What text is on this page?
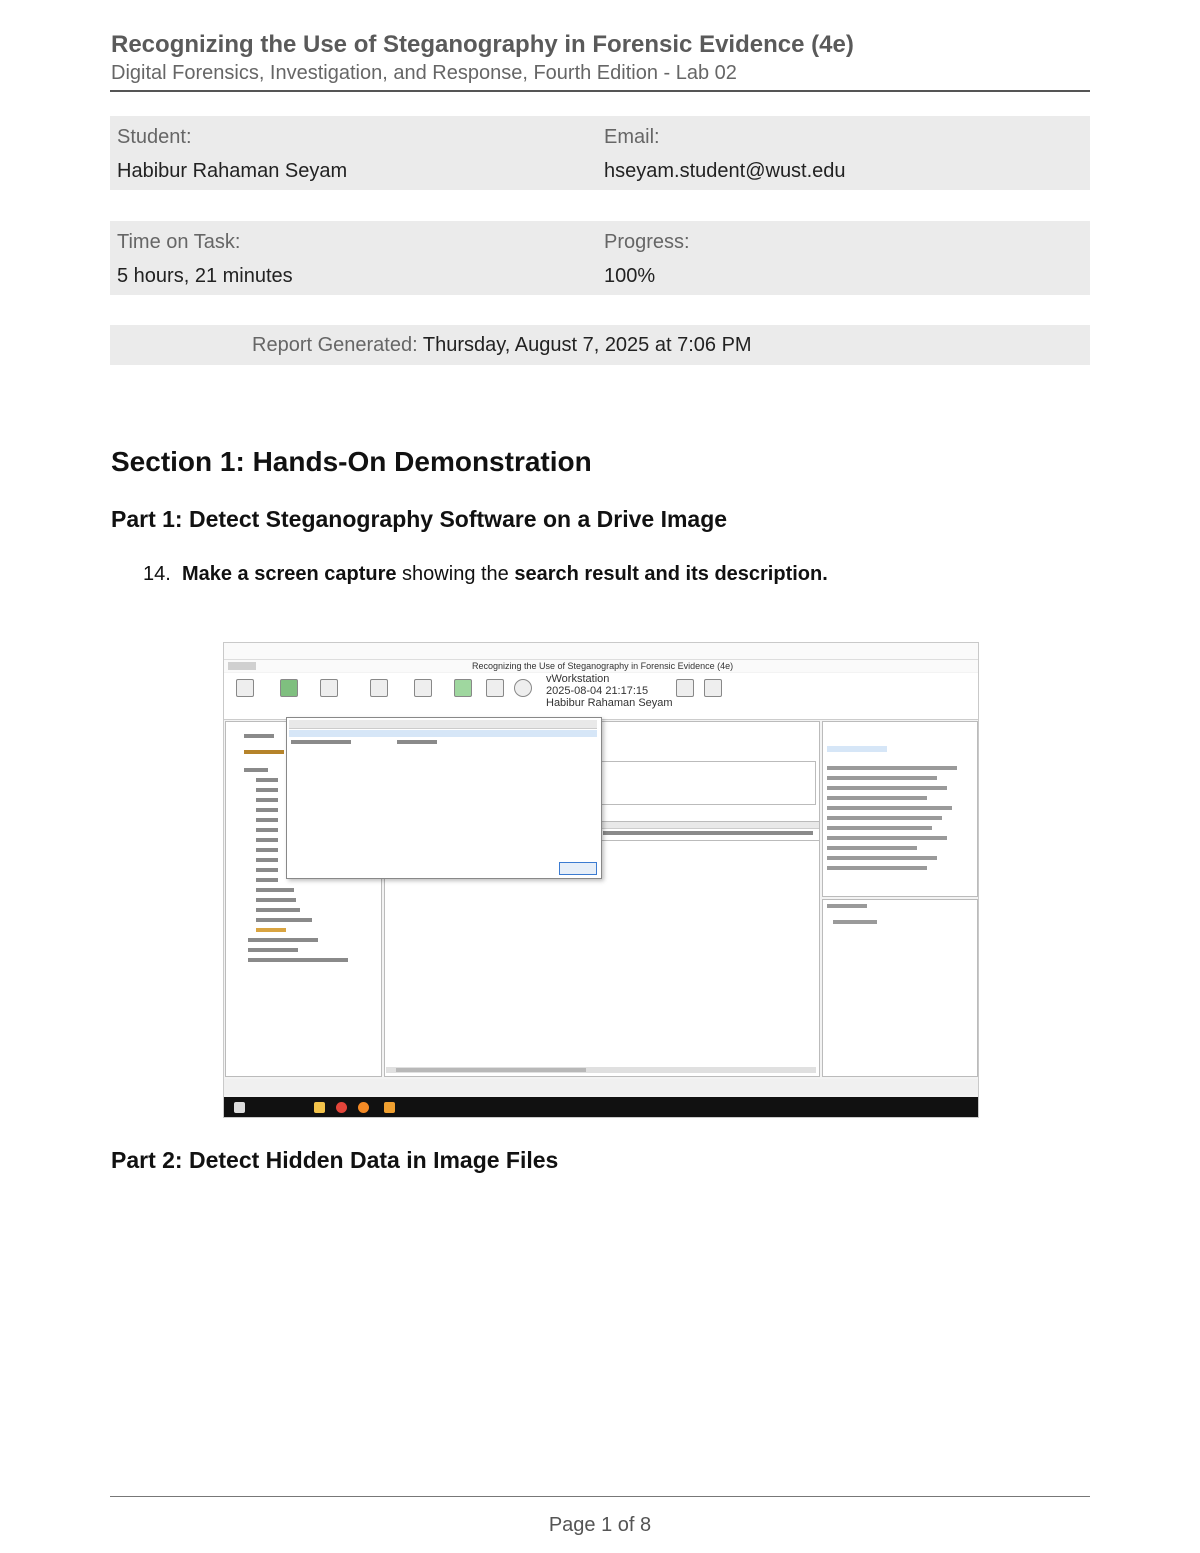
Recognizing the Use of Steganography in Forensic Evidence (4e)
Digital Forensics, Investigation, and Response, Fourth Edition - Lab 02
Student:
Habibur Rahaman Seyam
Email:
hseyam.student@wust.edu
Time on Task:
5 hours, 21 minutes
Progress:
100%
Report Generated: Thursday, August 7, 2025 at 7:06 PM
Section 1: Hands-On Demonstration
Part 1: Detect Steganography Software on a Drive Image
14. Make a screen capture showing the search result and its description.
Recognizing the Use of Steganography in Forensic Evidence (4e)
vWorkstation
2025-08-04 21:17:15
Habibur Rahaman Seyam
Part 2: Detect Hidden Data in Image Files
Page 1 of 8
